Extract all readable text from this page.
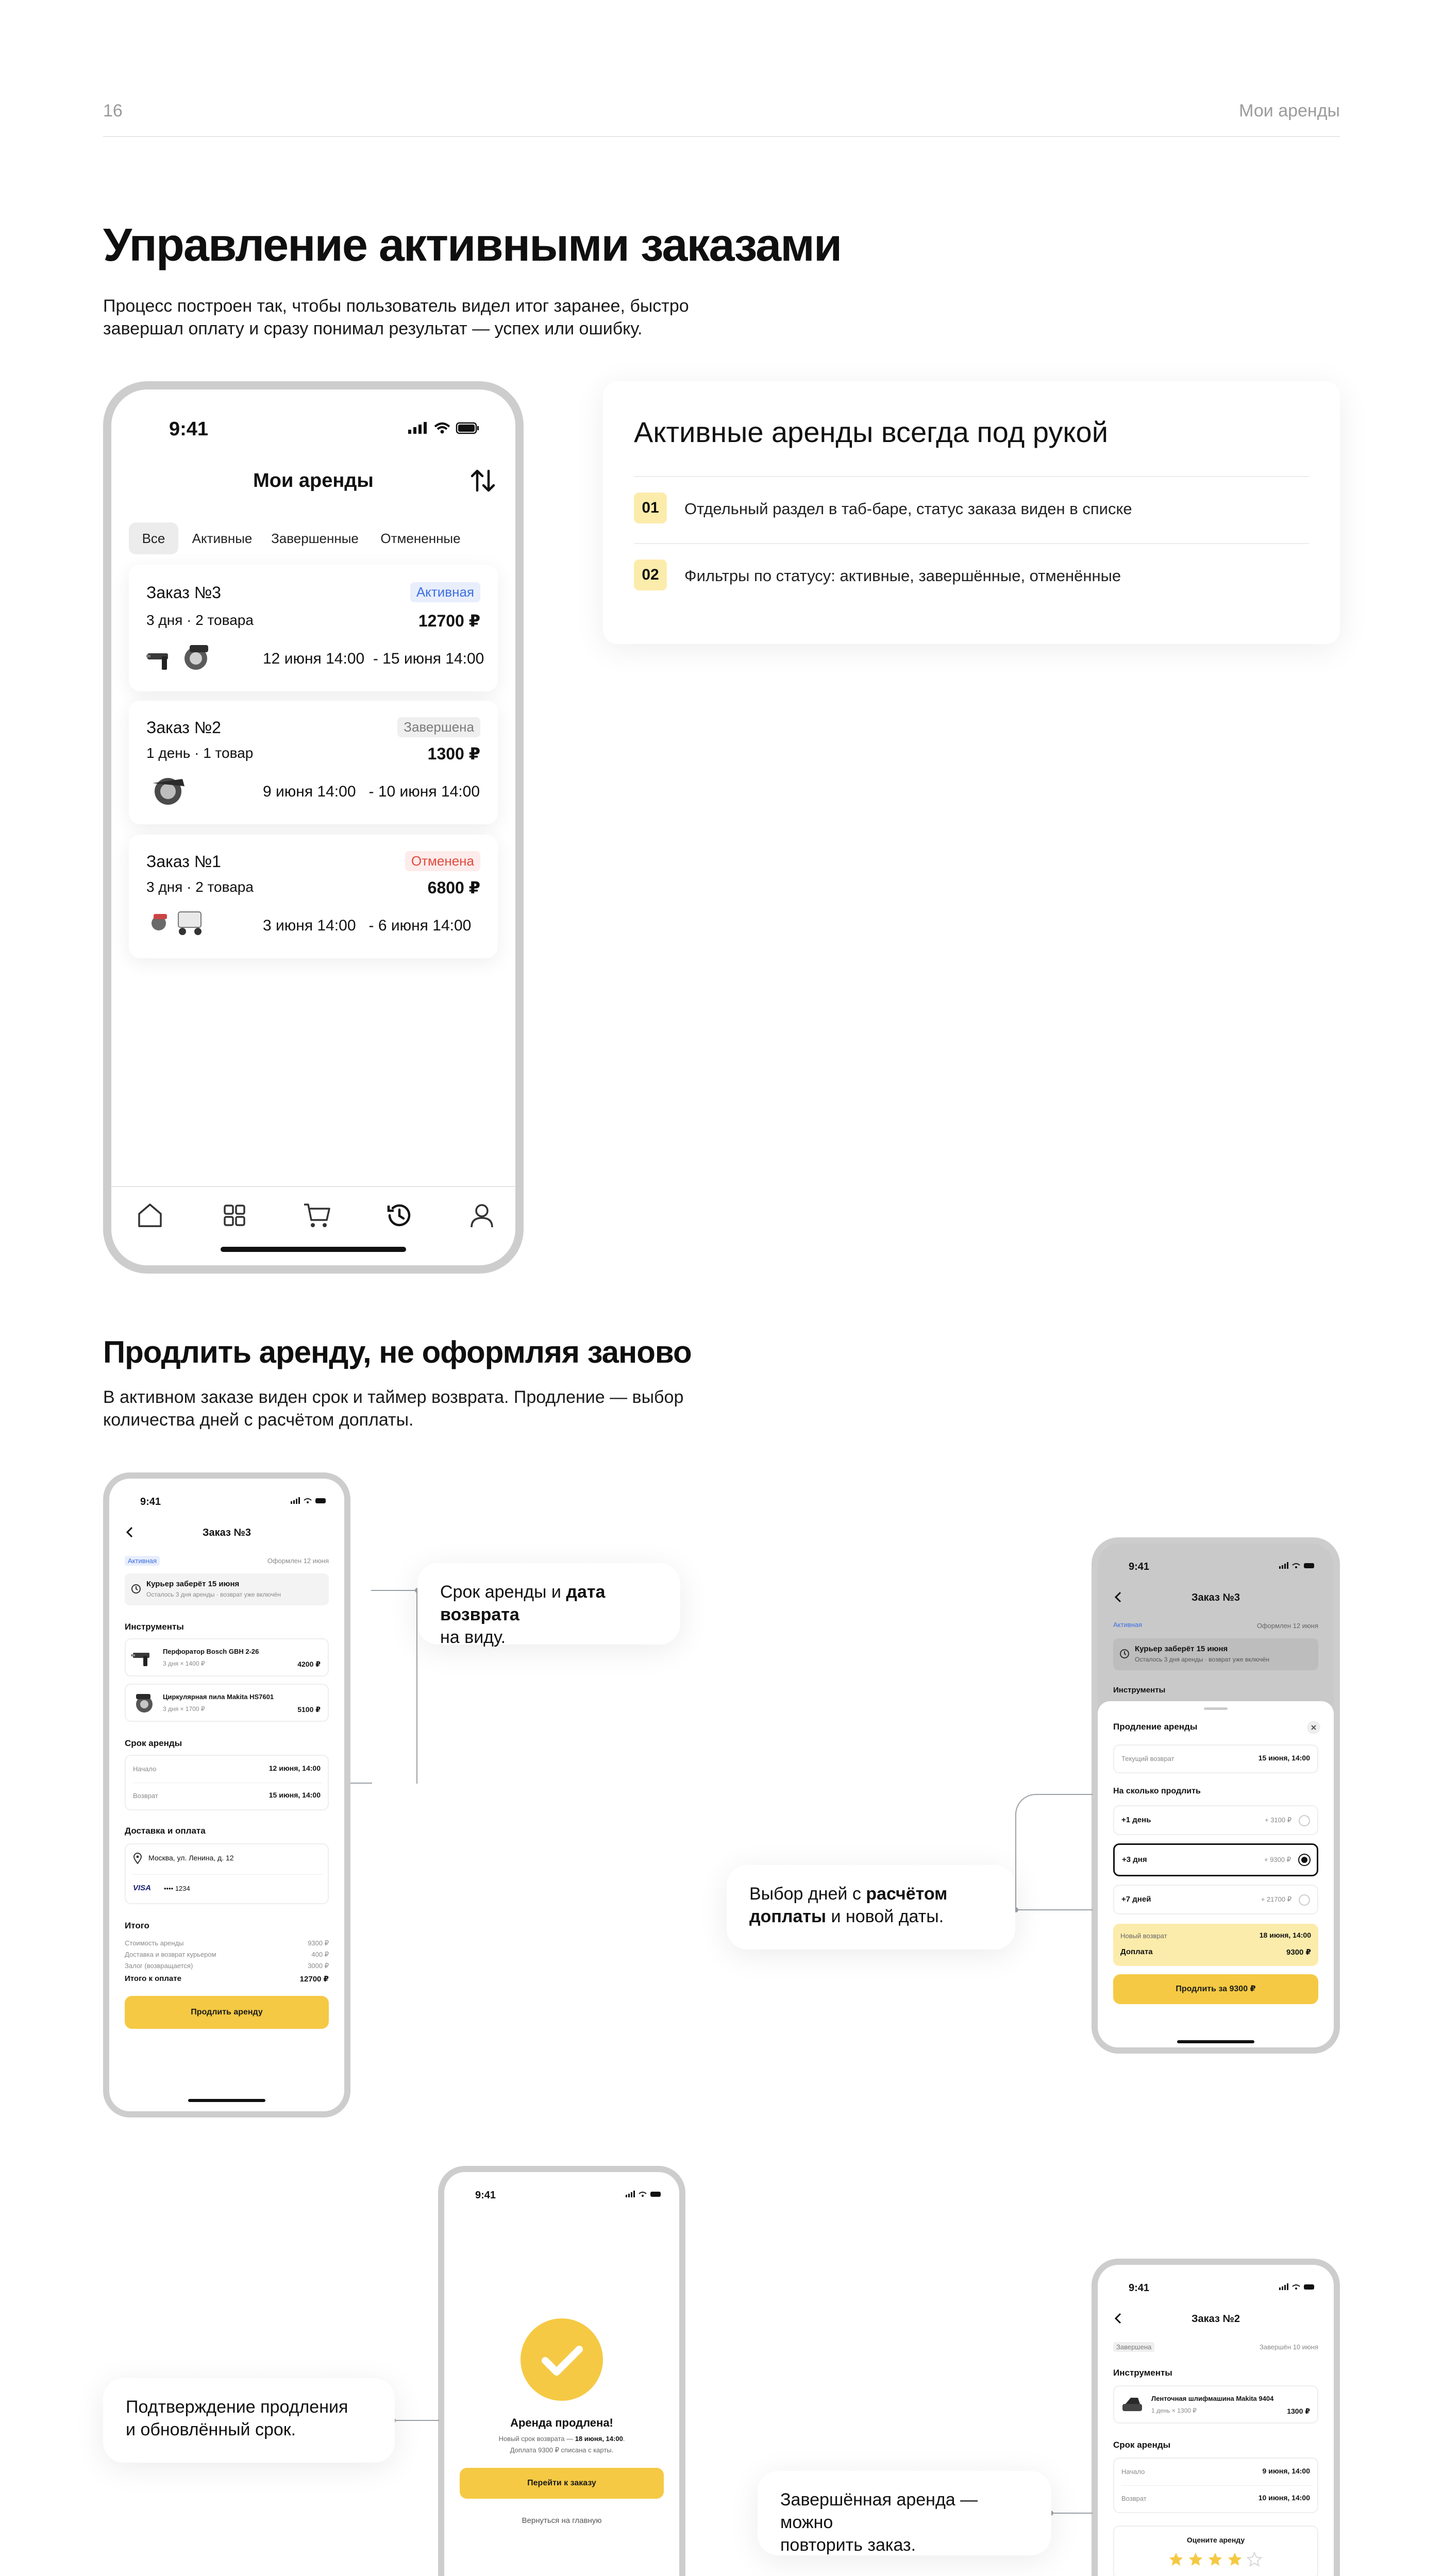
16	Мои аренды
Управление активными заказами
Процесс построен так, чтобы пользователь видел итог заранее, быстро
завершал оплату и сразу понимал результат — успех или ошибку.
9:41
Мои аренды
Все	Активные	Завершенные	Отмененные
Заказ №3	Активная
3 дня · 2 товара	12700 ₽
12 июня 14:00  - 15 июня 14:00
Заказ №2	Завершена
1 день · 1 товар	1300 ₽
9 июня 14:00   - 10 июня 14:00
Заказ №1	Отменена
3 дня · 2 товара	6800 ₽
3 июня 14:00   - 6 июня 14:00
Активные аренды всегда под рукой
01	Отдельный раздел в таб-баре, статус заказа виден в списке
02	Фильтры по статусу: активные, завершённые, отменённые
Продлить аренду, не оформляя заново
В активном заказе виден срок и таймер возврата. Продление — выбор
количества дней с расчётом доплаты.
9:41
Заказ №3
Активная	Оформлен 12 июня
Курьер заберёт 15 июня
Осталось 3 дня аренды · возврат уже включён
Инструменты
Перфоратор Bosch GBH 2-26
3 дня × 1400 ₽	4200 ₽
Циркулярная пила Makita HS7601
3 дня × 1700 ₽	5100 ₽
Срок аренды
Начало	12 июня, 14:00
Возврат	15 июня, 14:00
Доставка и оплата
Москва, ул. Ленина, д. 12
VISA •••• 1234
Итого
Стоимость аренды	9300 ₽
Доставка и возврат курьером	400 ₽
Залог (возвращается)	3000 ₽
Итого к оплате	12700 ₽
Продлить аренду
Срок аренды и дата возврата
на виду.
9:41
Заказ №3
Активная	Оформлен 12 июня
Курьер заберёт 15 июня
Осталось 3 дня аренды · возврат уже включён
Инструменты
Продление аренды
Текущий возврат	15 июня, 14:00
На сколько продлить
+1 день	+ 3100 ₽
+3 дня	+ 9300 ₽
+7 дней	+ 21700 ₽
Новый возврат	18 июня, 14:00
Доплата	9300 ₽
Продлить за 9300 ₽
Выбор дней с расчётом доплаты и новой даты.
9:41
Аренда продлена!
Новый срок возврата — 18 июня, 14:00.
Доплата 9300 ₽ списана с карты.
Перейти к заказу
Вернуться на главную
Подтверждение продления
и обновлённый срок.
9:41
Заказ №2
Завершена	Завершён 10 июня
Инструменты
Ленточная шлифмашина Makita 9404
1 день × 1300 ₽	1300 ₽
Срок аренды
Начало	9 июня, 14:00
Возврат	10 июня, 14:00
Оцените аренду
Завершённая аренда — можно
повторить заказ.
